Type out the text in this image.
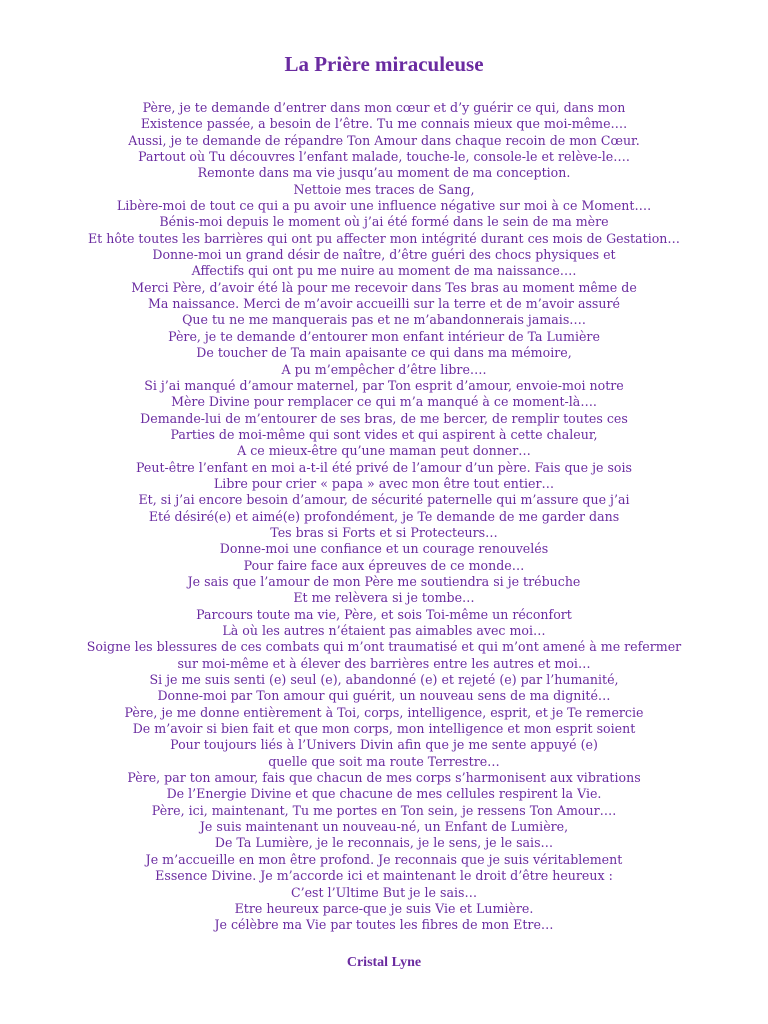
La Prière miraculeuse
Père, je te demande d’entrer dans mon cœur et d’y guérir ce qui, dans mon
Existence passée, a besoin de l’être. Tu me connais mieux que moi-même….
Aussi, je te demande de répandre Ton Amour dans chaque recoin de mon Cœur.
Partout où Tu découvres l’enfant malade, touche-le, console-le et relève-le….
Remonte dans ma vie jusqu’au moment de ma conception.
Nettoie mes traces de Sang,
Libère-moi de tout ce qui a pu avoir une influence négative sur moi à ce Moment….
Bénis-moi depuis le moment où j’ai été formé dans le sein de ma mère
Et hôte toutes les barrières qui ont pu affecter mon intégrité durant ces mois de Gestation…
Donne-moi un grand désir de naître, d’être guéri des chocs physiques et
Affectifs qui ont pu me nuire au moment de ma naissance….
Merci Père, d’avoir été là pour me recevoir dans Tes bras au moment même de
Ma naissance. Merci de m’avoir accueilli sur la terre et de m’avoir assuré
Que tu ne me manquerais pas et ne m’abandonnerais jamais….
Père, je te demande d’entourer mon enfant intérieur de Ta Lumière
De toucher de Ta main apaisante ce qui dans ma mémoire,
A pu m’empêcher d’être libre….
Si j’ai manqué d’amour maternel, par Ton esprit d’amour, envoie-moi notre
Mère Divine pour remplacer ce qui m’a manqué à ce moment-là….
Demande-lui de m’entourer de ses bras, de me bercer, de remplir toutes ces
Parties de moi-même qui sont vides et qui aspirent à cette chaleur,
A ce mieux-être qu’une maman peut donner…
Peut-être l’enfant en moi a-t-il été privé de l’amour d’un père. Fais que je sois
Libre pour crier « papa » avec mon être tout entier…
Et, si j’ai encore besoin d’amour, de sécurité paternelle qui m’assure que j’ai
Eté désiré(e) et aimé(e) profondément, je Te demande de me garder dans
Tes bras si Forts et si Protecteurs…
Donne-moi une confiance et un courage renouvelés
Pour faire face aux épreuves de ce monde…
Je sais que l’amour de mon Père me soutiendra si je trébuche
Et me relèvera si je tombe…
Parcours toute ma vie, Père, et sois Toi-même un réconfort
Là où les autres n’étaient pas aimables avec moi…
Soigne les blessures de ces combats qui m’ont traumatisé et qui m’ont amené à me refermer
sur moi-même et à élever des barrières entre les autres et moi…
Si je me suis senti (e) seul (e), abandonné (e) et rejeté (e) par l’humanité,
Donne-moi par Ton amour qui guérit, un nouveau sens de ma dignité…
Père, je me donne entièrement à Toi, corps, intelligence, esprit, et je Te remercie
De m’avoir si bien fait et que mon corps, mon intelligence et mon esprit soient
Pour toujours liés à l’Univers Divin afin que je me sente appuyé (e)
quelle que soit ma route Terrestre…
Père, par ton amour, fais que chacun de mes corps s’harmonisent aux vibrations
De l’Energie Divine et que chacune de mes cellules respirent la Vie.
Père, ici, maintenant, Tu me portes en Ton sein, je ressens Ton Amour….
Je suis maintenant un nouveau-né, un Enfant de Lumière,
De Ta Lumière, je le reconnais, je le sens, je le sais…
Je m’accueille en mon être profond. Je reconnais que je suis véritablement
Essence Divine. Je m’accorde ici et maintenant le droit d’être heureux :
C’est l’Ultime But je le sais…
Etre heureux parce-que je suis Vie et Lumière.
Je célèbre ma Vie par toutes les fibres de mon Etre…

Cristal Lyne
